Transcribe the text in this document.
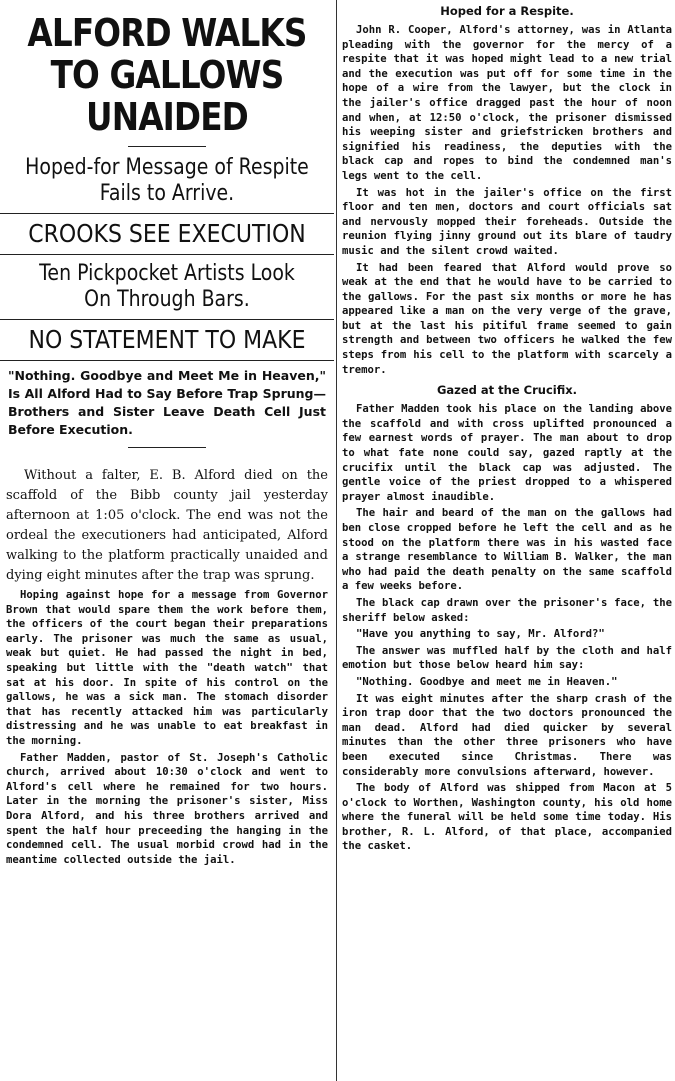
ALFORD WALKS TO GALLOWS UNAIDED
Hoped-for Message of Respite Fails to Arrive.
CROOKS SEE EXECUTION
Ten Pickpocket Artists Look On Through Bars.
NO STATEMENT TO MAKE
"Nothing. Goodbye and Meet Me in Heaven," Is All Alford Had to Say Before Trap Sprung—Brothers and Sister Leave Death Cell Just Before Execution.

Without a falter, E. B. Alford died on the scaffold of the Bibb county jail yesterday afternoon at 1:05 o'clock. The end was not the ordeal the executioners had anticipated, Alford walking to the platform practically unaided and dying eight minutes after the trap was sprung.

Hoping against hope for a message from Governor Brown that would spare them the work before them, the officers of the court began their preparations early. The prisoner was much the same as usual, weak but quiet. He had passed the night in bed, speaking but little with the "death watch" that sat at his door. In spite of his control on the gallows, he was a sick man. The stomach disorder that has recently attacked him was particularly distressing and he was unable to eat breakfast in the morning.

Father Madden, pastor of St. Joseph's Catholic church, arrived about 10:30 o'clock and went to Alford's cell where he remained for two hours. Later in the morning the prisoner's sister, Miss Dora Alford, and his three brothers arrived and spent the half hour preceeding the hanging in the condemned cell. The usual morbid crowd had in the meantime collected outside the jail.

Hoped for a Respite.

John R. Cooper, Alford's attorney, was in Atlanta pleading with the governor for the mercy of a respite that it was hoped might lead to a new trial and the execution was put off for some time in the hope of a wire from the lawyer, but the clock in the jailer's office dragged past the hour of noon and when, at 12:50 o'clock, the prisoner dismissed his weeping sister and griefstricken brothers and signified his readiness, the deputies with the black cap and ropes to bind the condemned man's legs went to the cell.

It was hot in the jailer's office on the first floor and ten men, doctors and court officials sat and nervously mopped their foreheads. Outside the reunion flying jinny ground out its blare of taudry music and the silent crowd waited.

It had been feared that Alford would prove so weak at the end that he would have to be carried to the gallows. For the past six months or more he has appeared like a man on the very verge of the grave, but at the last his pitiful frame seemed to gain strength and between two officers he walked the few steps from his cell to the platform with scarcely a tremor.

Gazed at the Crucifix.

Father Madden took his place on the landing above the scaffold and with cross uplifted pronounced a few earnest words of prayer. The man about to drop to what fate none could say, gazed raptly at the crucifix until the black cap was adjusted. The gentle voice of the priest dropped to a whispered prayer almost inaudible.

The hair and beard of the man on the gallows had ben close cropped before he left the cell and as he stood on the platform there was in his wasted face a strange resemblance to William B. Walker, the man who had paid the death penalty on the same scaffold a few weeks before.

The black cap drawn over the prisoner's face, the sheriff below asked:

"Have you anything to say, Mr. Alford?"

The answer was muffled half by the cloth and half emotion but those below heard him say:

"Nothing. Goodbye and meet me in Heaven."

It was eight minutes after the sharp crash of the iron trap door that the two doctors pronounced the man dead. Alford had died quicker by several minutes than the other three prisoners who have been executed since Christmas. There was considerably more convulsions afterward, however.

The body of Alford was shipped from Macon at 5 o'clock to Worthen, Washington county, his old home where the funeral will be held some time today. His brother, R. L. Alford, of that place, accompanied the casket.
